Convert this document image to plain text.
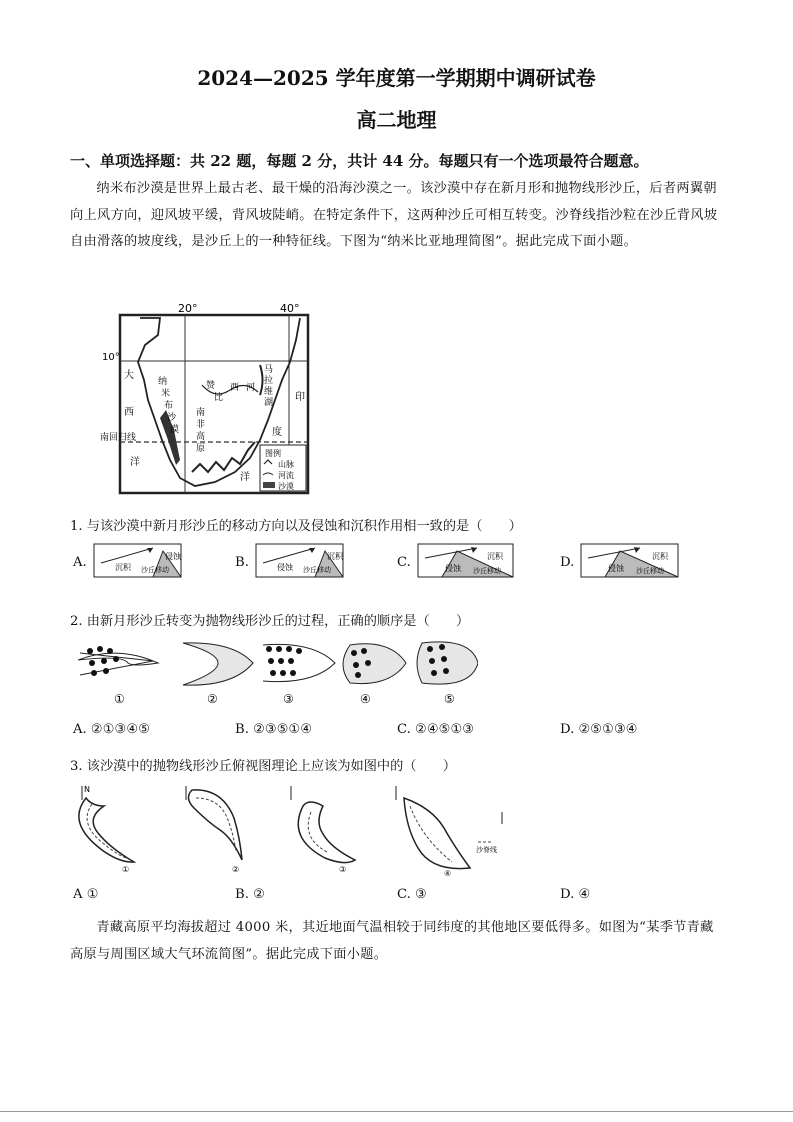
2024—2025 学年度第一学期期中调研试卷
高二地理
一、单项选择题：共 22 题，每题 2 分，共计 44 分。每题只有一个选项最符合题意。
纳米布沙漠是世界上最古老、最干燥的沿海沙漠之一。该沙漠中存在新月形和抛物线形沙丘，后者两翼朝向上风方向，迎风坡平缓，背风坡陡峭。在特定条件下，这两种沙丘可相互转变。沙脊线指沙粒在沙丘背风坡自由滑落的坡度线，是沙丘上的一种特征线。下图为“纳米比亚地理简图”。据此完成下面小题。
20°	40°
10°
南回归线
大
西
洋
印
度
洋
纳
米
布
沙
漠
南
非
高
原
赞
比
西 河
马
拉
维
湖
图例
山脉
河流
沙漠
1. 与该沙漠中新月形沙丘的移动方向以及侵蚀和沉积作用相一致的是（　　）
A.	沉积
侵蚀
沙丘移动	B.	侵蚀
沉积
沙丘移动	C.	侵蚀
沉积
沙丘移动
D.	侵蚀
沉积
沙丘移动
2. 由新月形沙丘转变为抛物线形沙丘的过程，正确的顺序是（　　）
①	②	③	④	⑤
A. ②①③④⑤	B. ②③⑤①④	C. ②④⑤①③	D. ②⑤①③④
3. 该沙漠中的抛物线形沙丘俯视图理论上应该为如图中的（　　）
N
①	②	③	④
沙脊线
A ①	B. ②	C. ③	D. ④
青藏高原平均海拔超过 4000 米，其近地面气温相较于同纬度的其他地区要低得多。如图为“某季节青藏高原与周围区域大气环流简图”。据此完成下面小题。
